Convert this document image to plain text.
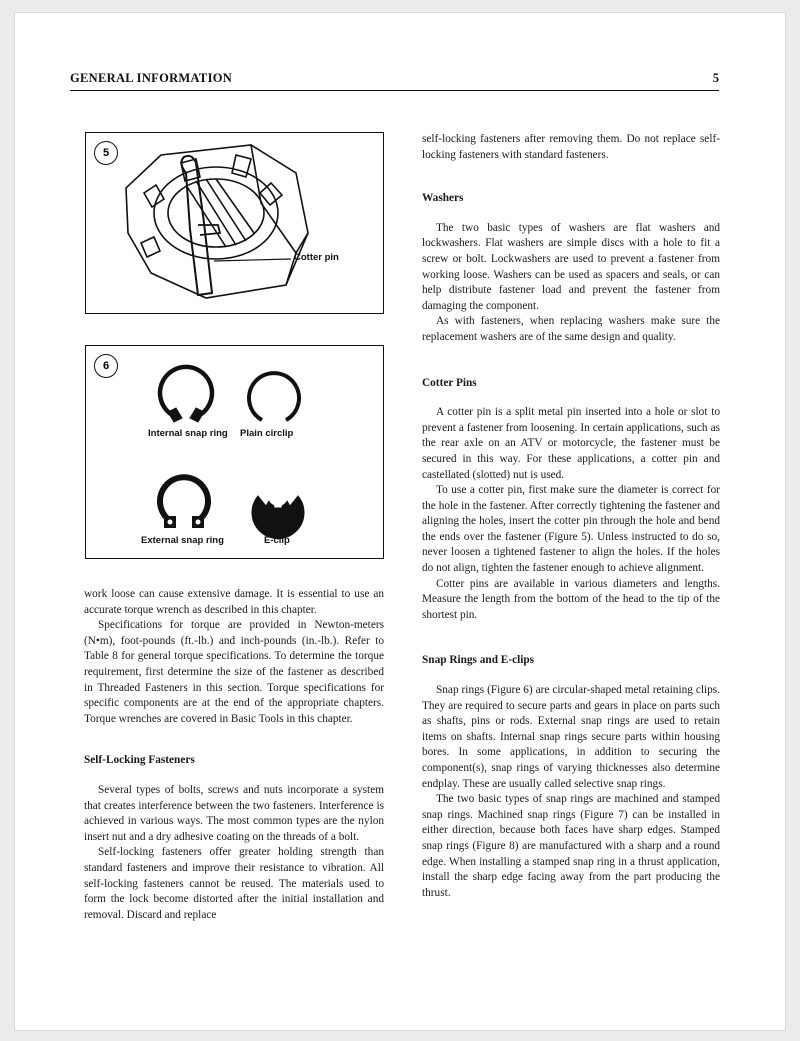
GENERAL INFORMATION	5
5
Cotter pin
6
Internal snap ring Plain circlip
External snap ring	E-clip

work loose can cause extensive damage. It is essential to use an accurate torque wrench as described in this chapter.

Specifications for torque are provided in Newton-meters (N•m), foot-pounds (ft.-lb.) and inch-pounds (in.-lb.). Refer to Table 8 for general torque specifications. To determine the torque requirement, first determine the size of the fastener as described in Threaded Fasteners in this section. Torque specifications for specific components are at the end of the appropriate chapters. Torque wrenches are covered in Basic Tools in this chapter.

Self-Locking Fasteners

Several types of bolts, screws and nuts incorporate a system that creates interference between the two fasteners. Interference is achieved in various ways. The most common types are the nylon insert nut and a dry adhesive coating on the threads of a bolt.

Self-locking fasteners offer greater holding strength than standard fasteners and improve their resistance to vibration. All self-locking fasteners cannot be reused. The materials used to form the lock become distorted after the initial installation and removal. Discard and replace

self-locking fasteners after removing them. Do not replace self-locking fasteners with standard fasteners.

Washers

The two basic types of washers are flat washers and lockwashers. Flat washers are simple discs with a hole to fit a screw or bolt. Lockwashers are used to prevent a fastener from working loose. Washers can be used as spacers and seals, or can help distribute fastener load and prevent the fastener from damaging the component.

As with fasteners, when replacing washers make sure the replacement washers are of the same design and quality.

Cotter Pins

A cotter pin is a split metal pin inserted into a hole or slot to prevent a fastener from loosening. In certain applications, such as the rear axle on an ATV or motorcycle, the fastener must be secured in this way. For these applications, a cotter pin and castellated (slotted) nut is used.

To use a cotter pin, first make sure the diameter is correct for the hole in the fastener. After correctly tightening the fastener and aligning the holes, insert the cotter pin through the hole and bend the ends over the fastener (Figure 5). Unless instructed to do so, never loosen a tightened fastener to align the holes. If the holes do not align, tighten the fastener enough to achieve alignment.

Cotter pins are available in various diameters and lengths. Measure the length from the bottom of the head to the tip of the shortest pin.

Snap Rings and E-clips

Snap rings (Figure 6) are circular-shaped metal retaining clips. They are required to secure parts and gears in place on parts such as shafts, pins or rods. External snap rings are used to retain items on shafts. Internal snap rings secure parts within housing bores. In some applications, in addition to securing the component(s), snap rings of varying thicknesses also determine endplay. These are usually called selective snap rings.

The two basic types of snap rings are machined and stamped snap rings. Machined snap rings (Figure 7) can be installed in either direction, because both faces have sharp edges. Stamped snap rings (Figure 8) are manufactured with a sharp and a round edge. When installing a stamped snap ring in a thrust application, install the sharp edge facing away from the part producing the thrust.
